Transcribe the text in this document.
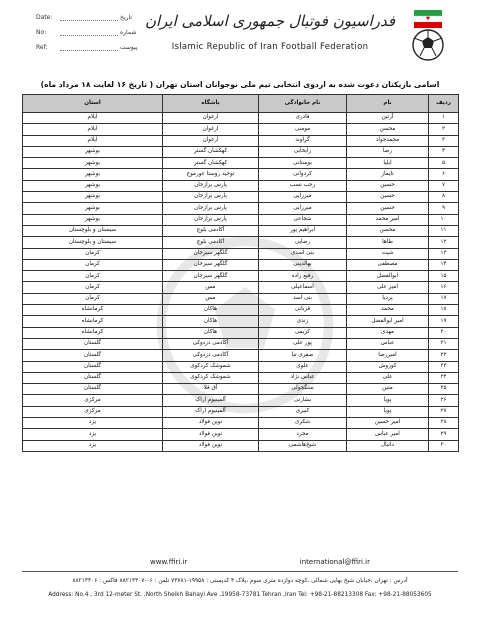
Date:	تاریخ
No:	شماره
Ref:	پیوست
فدراسیون فوتبال جمهوری اسلامی ایران
Islamic Republic of Iran Football Federation
اسامی بازیکنان دعوت شده به اردوی انتخابی تیم ملی نوجوانان استان تهران ( تاریخ ۱۶ لغایت ۱۸ مرداد ماه)
ردیف	نام	نام خانوادگی	باشگاه	استان
۱	آرتین	قادری	ارغوان	ایلام
۲	محسن	مومنی	ارغوان	ایلام
۳	محمدجواد	گراوند	ارغوان	ایلام
۴	رضا	زایخابی	کهکشان گستر	بوشهر
۵	ایلیا	بوستانی	کهکشان گستر	بوشهر
۶	تایماز	کردوانی	توحید روستا عورموج	بوشهر
۷	حسین	رجب نسب	پارس برازجان	بوشهر
۸	حسین	میرزایی	پارس برازجان	بوشهر
۹	حسین	میرزایی	پارس برازجان	بوشهر
۱۰	امیر محمد	شجاعی	پارس برازجان	بوشهر
۱۱	محسن	ابراهیم پور	آکادمی بلوچ	سیستان و بلوچستان
۱۲	طاها	رضایی	آکادمی بلوچ	سیستان و بلوچستان
۱۳	شیث	بنی اسدی	گلگهر سیرجان	کرمان
۱۴	مصطفی	بهالدینی	گلگهر سیرجان	کرمان
۱۵	ابوالفضل	رفیع زاده	گلگهر سیرجان	کرمان
۱۶	امیر علی	اسماعیلی	مس	کرمان
۱۷	پردیا	بنی اسد	مس	کرمان
۱۸	محمد	قربانی	هاکان	کرمانشاه
۱۹	امیر ابوالفضل	زندی	هاکان	کرمانشاه
۲۰	مهدی	کریمی	هاکان	کرمانشاه
۲۱	عباس	پور علی	آکادمی دزدوکی	گلستان
۲۲	امیررضا	صفری نیا	آکادمی دزدوکی	گلستان
۲۳	کوروش	علوی	شموشک کردکوی	گلستان
۲۴	علی	عباس نژاد	شموشک کردکوی	گلستان
۲۵	متین	سنگچولی	آق قلا	گلستان
۲۶	پویا	بشارتی	آلمینیوم اراک	مرکزی
۲۷	پویا	کبیری	آلمینیوم اراک	مرکزی
۲۸	امیر حسین	شکری	نوین فولاد	یزد
۲۹	امیر عباس	مجرد	نوین فولاد	یزد
۳۰	دانیال	شیخ‌هاشمی	نوین فولاد	یزد
www.ffiri.ir	international@ffiri.ir
آدرس : تهران ،خیابان شیخ بهایی شمالی ،کوچه دوازده متری سوم ،پلاک ۴ کدپستی : ۱۹۹۵۸-۷۳۷۸۱ تلفن : ۰۶-۸۸۲۱۳۳۰۷ فاکس : ۸۸۲۱۳۳۰۶
Address: No.4 , 3rd 12-meter St. ,North Sheikh Bahayi Ave ,19958-73781 Tehran ,Iran Tel: +98-21-88213308 Fax: +98-21-88053605
